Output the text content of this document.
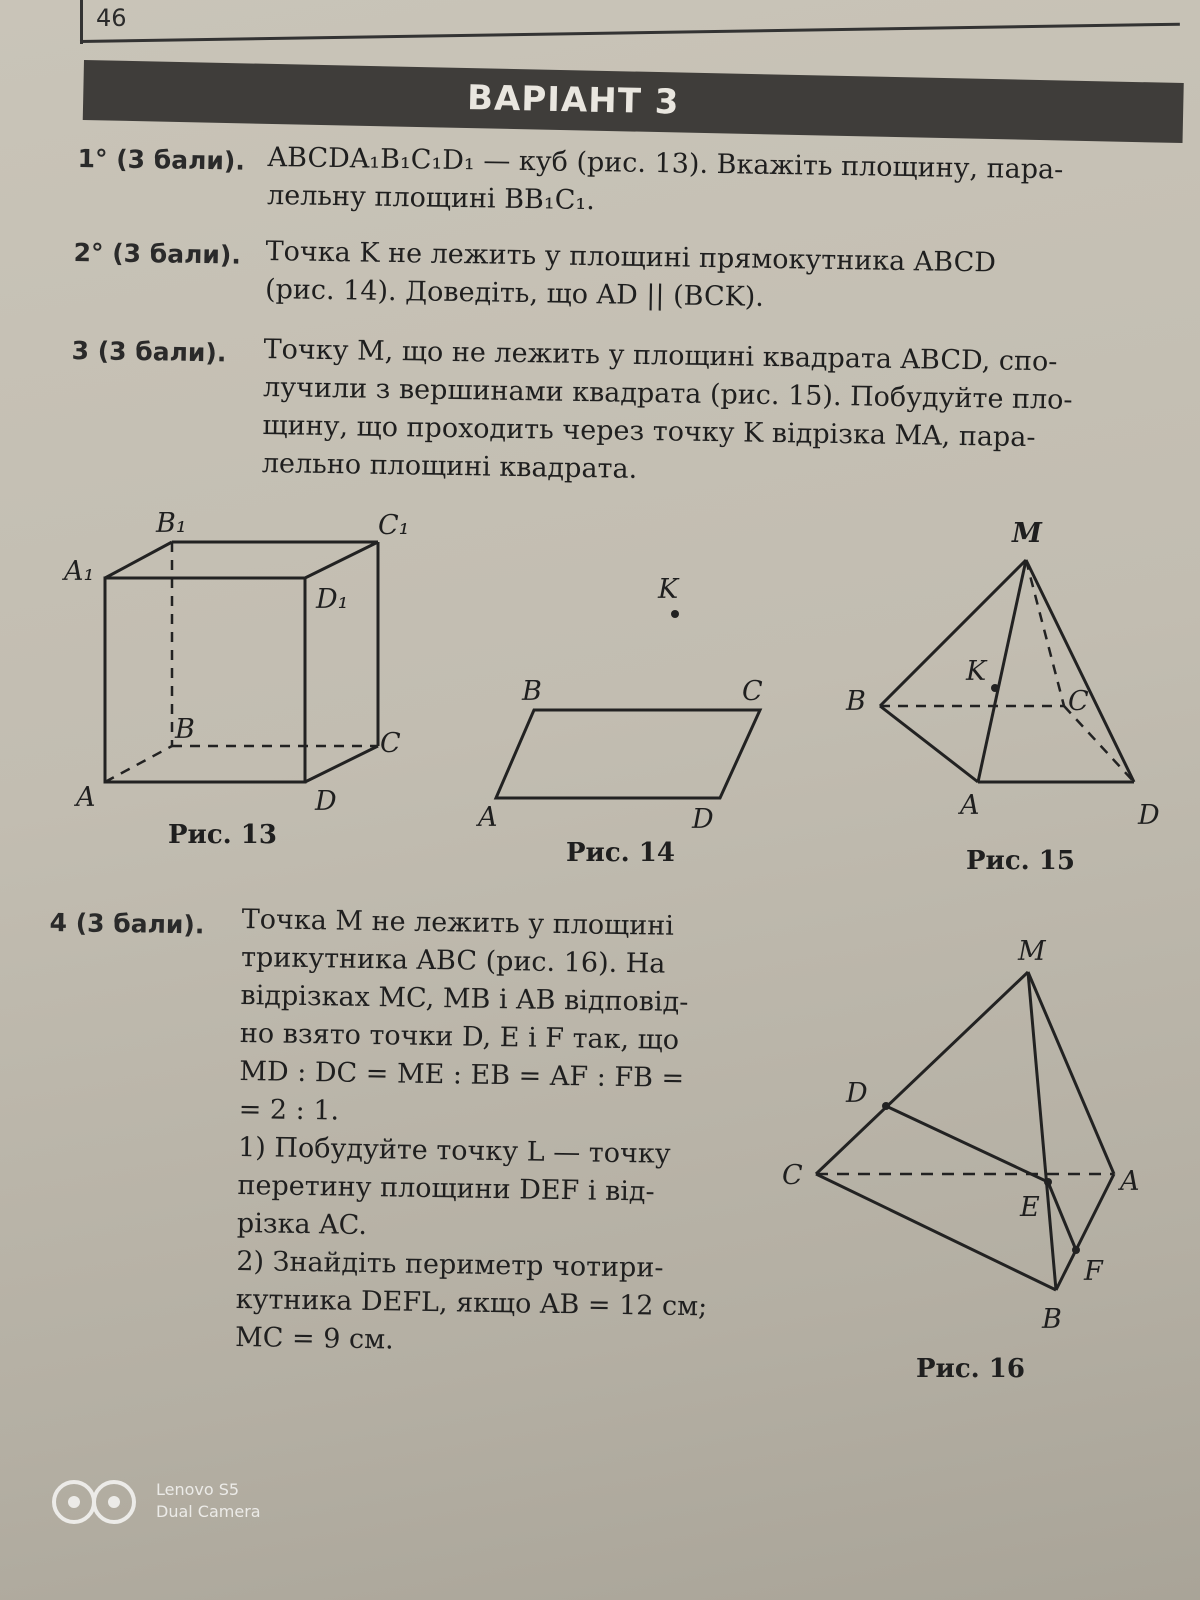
46
ВАРІАНТ 3
1° (3 бали). ABCDA₁B₁C₁D₁ — куб (рис. 13). Вкажіть площину, пара-
лельну площині BB₁C₁.
2° (3 бали). Точка K не лежить у площині прямокутника ABCD
(рис. 14). Доведіть, що AD || (BCK).
3 (3 бали). Точку M, що не лежить у площині квадрата ABCD, спо-
лучили з вершинами квадрата (рис. 15). Побудуйте пло-
щину, що проходить через точку K відрізка MA, пара-
лельно площині квадрата.
B₁	C₁
A₁
D₁
B	C
A	D
Рис. 13
K
B	C
A	D
Рис. 14
M
K
B	C
A	D
Рис. 15
4 (3 бали). Точка M не лежить у площині
трикутника ABC (рис. 16). На
відрізках MC, MB і AB відповід-
но взято точки D, E і F так, що
MD : DC = ME : EB = AF : FB =
= 2 : 1.
1) Побудуйте точку L — точку
перетину площини DEF і від-
різка AC.
2) Знайдіть периметр чотири-
кутника DEFL, якщо AB = 12 см;
MC = 9 см.
M
D
C	A
E
F
B
Рис. 16
Lenovo S5
Dual Camera
